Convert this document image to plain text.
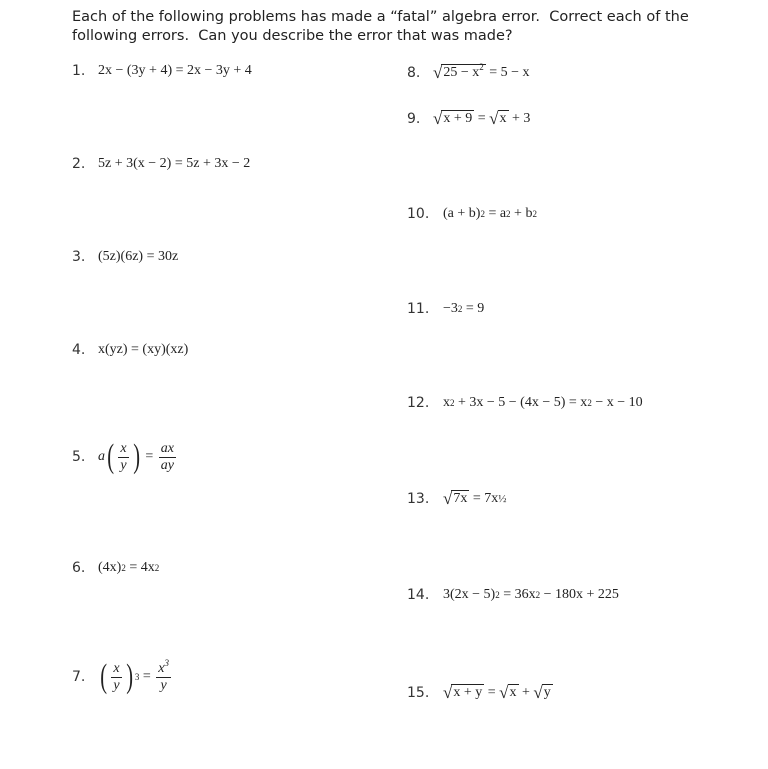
Each of the following problems has made a “fatal” algebra error.  Correct each of the following errors.  Can you describe the error that was made?
1. 2x − (3y + 4) = 2x − 3y + 4
2. 5z + 3(x − 2) = 5z + 3x − 2
3. (5z)(6z) = 30z
4. x(yz) = (xy)(xz)
5. a ( $\frac{x}{y}$ ) = $\frac{ax}{ay}$
6. (4x) 2 = 4x 2
7. ( $\frac{x}{y}$ ) $3 = \frac{x^3}{y}$
8. √ $25 - x^2 = 5 - x$
9. √ x + 9 = √ x + 3
10. (a + b) 2 = a 2 + b 2
11. −3 2 = 9
12. x 2 + 3x − 5 − (4x − 5) = x 2 − x − 10
13. √ 7x = 7x ½
14. 3(2x − 5) 2 = 36x 2 − 180x + 225
15. √ x + y = √ x + √ y
